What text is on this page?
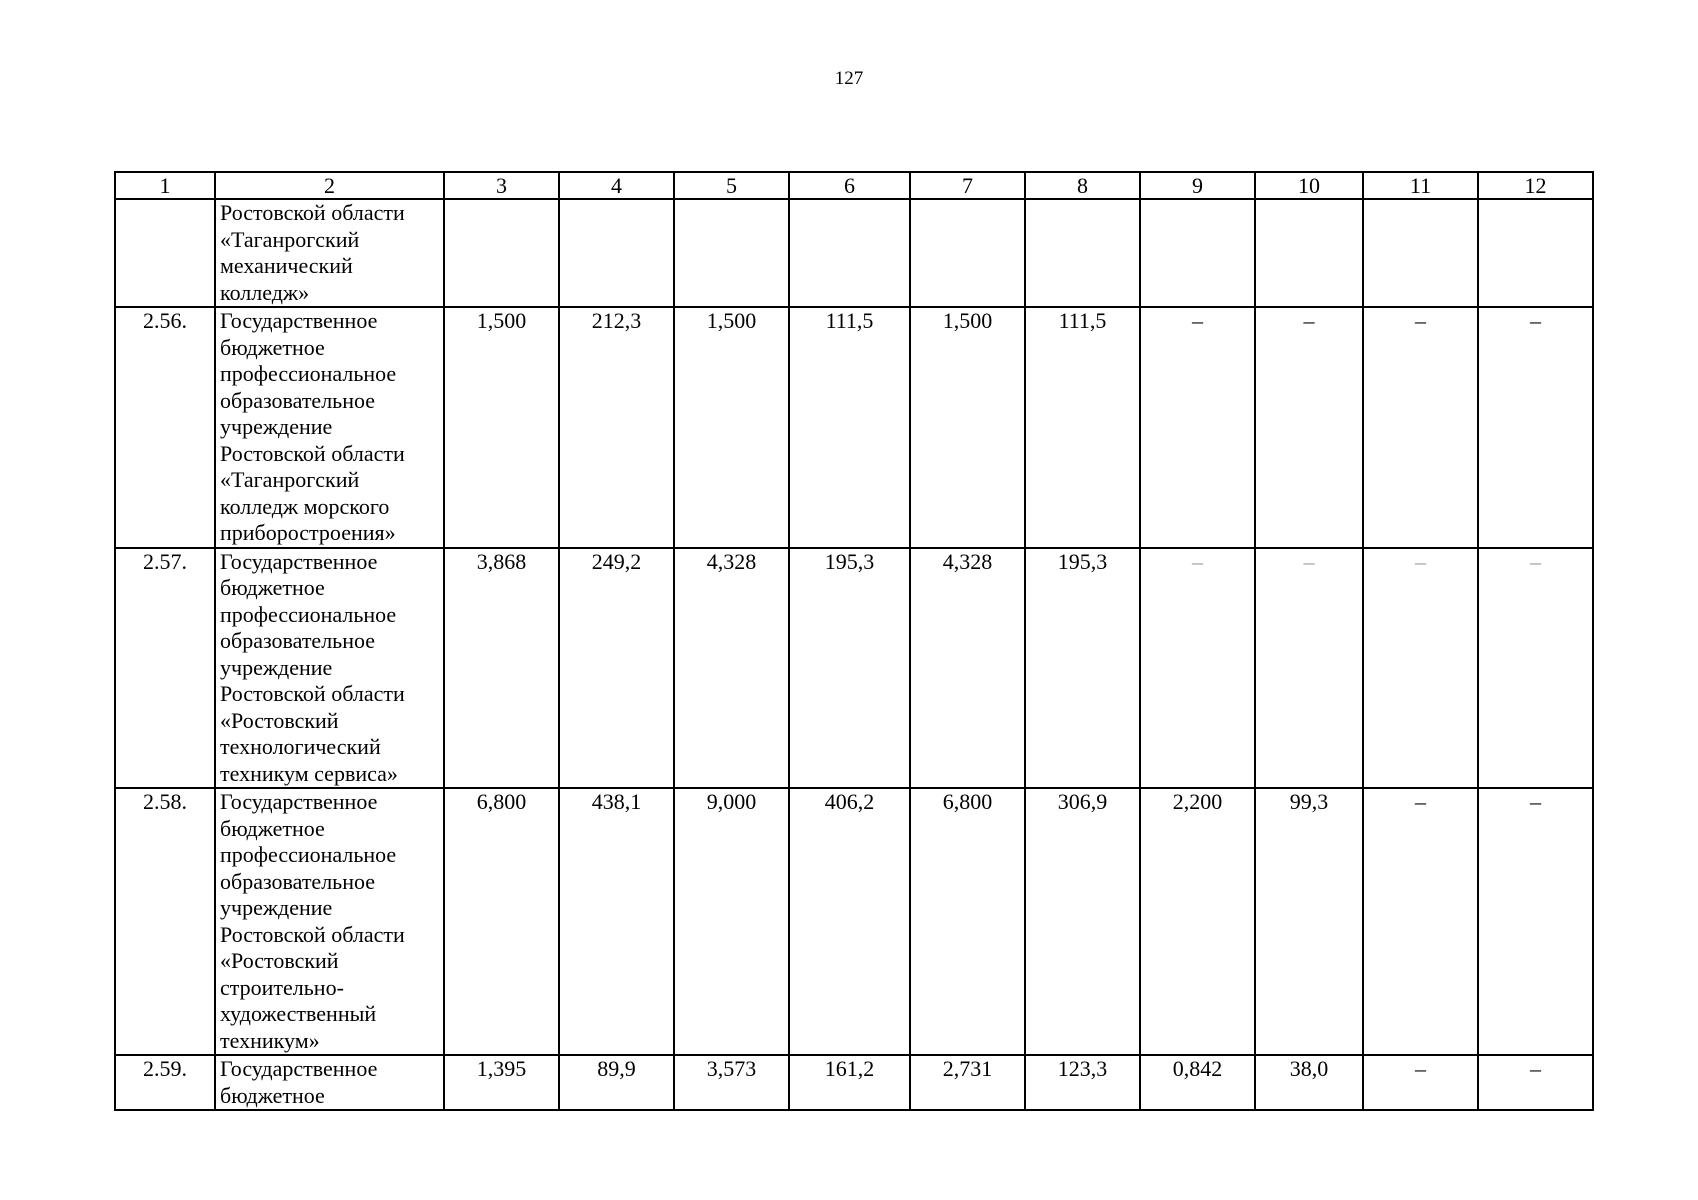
127
1	2	3	4	5	6	7	8	9	10	11	12
	Ростовской области «Таганрогский механический колледж»										
2.56.	Государственное бюджетное профессиональное образовательное учреждение Ростовской области «Таганрогский колледж морского приборостроения»	1,500	212,3	1,500	111,5	1,500	111,5	–	–	–	–
2.57.	Государственное бюджетное профессиональное образовательное учреждение Ростовской области «Ростовский технологический техникум сервиса»	3,868	249,2	4,328	195,3	4,328	195,3	–	–	–	–
2.58.	Государственное бюджетное профессиональное образовательное учреждение Ростовской области «Ростовский строительно-художественный техникум»	6,800	438,1	9,000	406,2	6,800	306,9	2,200	99,3	–	–
2.59.	Государственное бюджетное	1,395	89,9	3,573	161,2	2,731	123,3	0,842	38,0	–	–
